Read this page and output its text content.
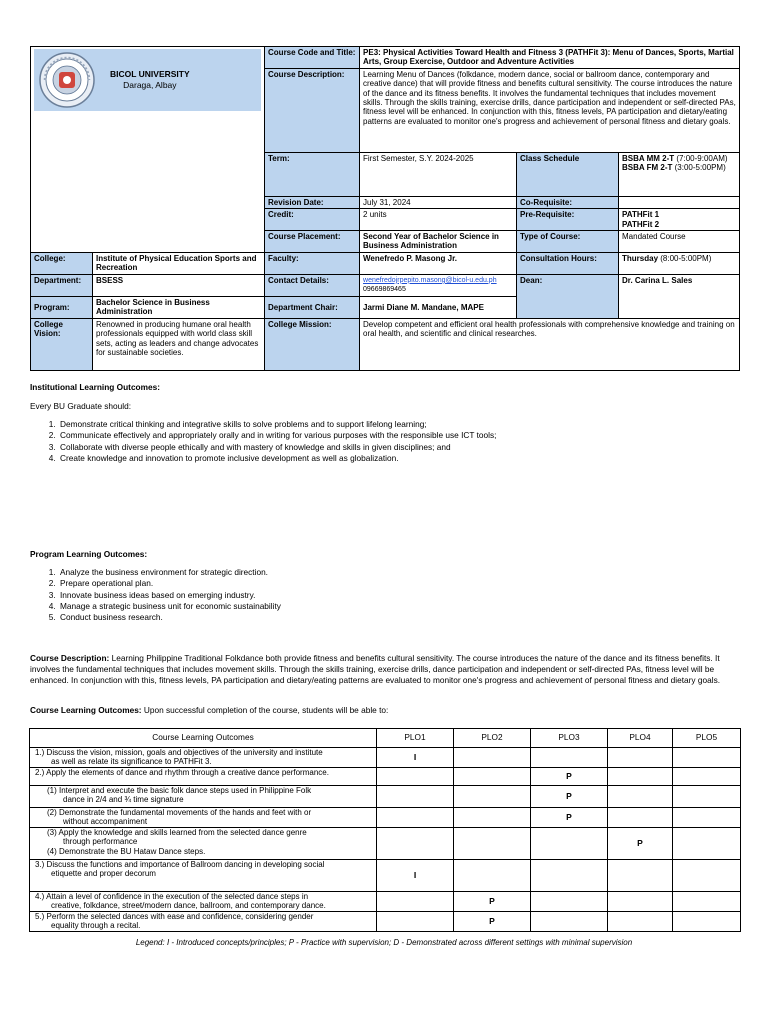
BICOL UNIVERSITY
Daraga, Albay		Course Code and Title:	PE3: Physical Activities Toward Health and Fitness 3 (PATHFit 3): Menu of Dances, Sports, Martial Arts, Group Exercise, Outdoor and Adventure Activities		
		Course Description:	Learning Menu of Dances (folkdance, modern dance, social or ballroom dance, contemporary and creative dance) that will provide fitness and benefits cultural sensitivity. The course introduces the nature of the dance and its fitness benefits. It involves the fundamental techniques that includes movement skills. Through the skills training, exercise drills, dance participation and independent or self-directed PAs, fitness level will be enhanced. In conjunction with this, fitness levels, PA participation and dietary/eating patterns are evaluated to monitor one's progress and achievement of personal fitness and dietary goals.		
		Term:	First Semester, S.Y. 2024-2025	Class Schedule	BSBA MM 2-T (7:00-9:00AM)
BSBA FM 2-T (3:00-5:00PM)
		Revision Date:	July 31, 2024	Co-Requisite:	
		Credit:	2 units	Pre-Requisite:	PATHFit 1
PATHFit 2
		Course Placement:	Second Year of Bachelor Science in Business Administration	Type of Course:	Mandated Course
College:	Institute of Physical Education Sports and Recreation	Faculty:	Wenefredo P. Masong Jr.	Consultation Hours:	Thursday (8:00-5:00PM)
Department:	BSESS	Contact Details:	wenefredojrpepito.masong@bicol-u.edu.ph 09669869465	Dean:	Dr. Carina L. Sales
Program:	Bachelor Science in Business Administration	Department Chair:	Jarmi Diane M. Mandane, MAPE		
College Vision:	Renowned in producing humane oral health professionals equipped with world class skill sets, acting as leaders and change advocates for sustainable societies.	College Mission:	Develop competent and efficient oral health professionals with comprehensive knowledge and training on oral health, and scientific and clinical researches.		
Institutional Learning Outcomes:
Every BU Graduate should:
1. Demonstrate critical thinking and integrative skills to solve problems and to support lifelong learning;
2. Communicate effectively and appropriately orally and in writing for various purposes with the responsible use ICT tools;
3. Collaborate with diverse people ethically and with mastery of knowledge and skills in given disciplines; and
4. Create knowledge and innovation to promote inclusive development as well as globalization.
Program Learning Outcomes:
1. Analyze the business environment for strategic direction.
2. Prepare operational plan.
3. Innovate business ideas based on emerging industry.
4. Manage a strategic business unit for economic sustainability
5. Conduct business research.
Course Description: Learning Philippine Traditional Folkdance both provide fitness and benefits cultural sensitivity. The course introduces the nature of the dance and its fitness benefits. It involves the fundamental techniques that includes movement skills. Through the skills training, exercise drills, dance participation and independent or self-directed PAs, fitness level will be enhanced. In conjunction with this, fitness levels, PA participation and dietary/eating patterns are evaluated to monitor one's progress and achievement of personal fitness and dietary goals.
Course Learning Outcomes: Upon successful completion of the course, students will be able to:
Course Learning Outcomes	PLO1	PLO2	PLO3	PLO4	PLO5

1.) Discuss the vision, mission, goals and objectives of the university and institute
as well as relate its significance to PATHFit 3.	I				

2.) Apply the elements of dance and rhythm through a creative dance performance.			P		

(1) Interpret and execute the basic folk dance steps used in Philippine Folk
dance in 2/4 and ¾ time signature			P		

(2) Demonstrate the fundamental movements of the hands and feet with or
without accompaniment			P		

(3) Apply the knowledge and skills learned from the selected dance genre
through performance
(4) Demonstrate the BU Hataw Dance steps.				P	

3.) Discuss the functions and importance of Ballroom dancing in developing social
etiquette and proper decorum	I				

4.) Attain a level of confidence in the execution of the selected dance steps in
creative, folkdance, street/modern dance, ballroom, and contemporary dance.		P			

5.) Perform the selected dances with ease and confidence, considering gender
equality through a recital.		P			
Legend: I - Introduced concepts/principles; P - Practice with supervision; D - Demonstrated across different settings with minimal supervision
